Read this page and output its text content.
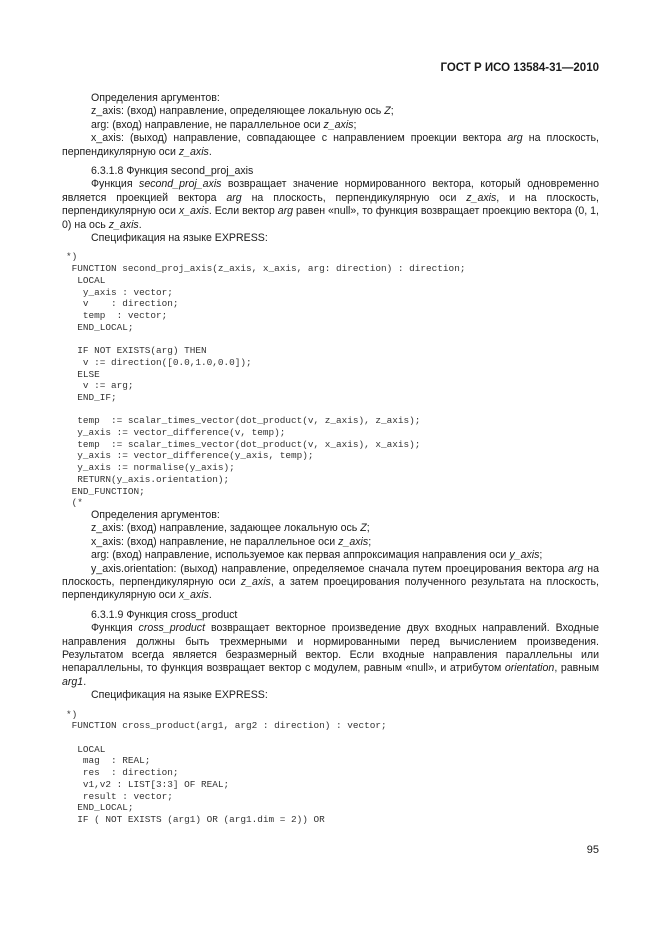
ГОСТ Р ИСО 13584-31—2010

Определения аргументов:

z_axis: (вход) направление, определяющее локальную ось Z;

arg: (вход) направление, не параллельное оси z_axis;

x_axis: (выход) направление, совпадающее с направлением проекции вектора arg на плоскость, перпендикулярную оси z_axis.

6.3.1.8 Функция second_proj_axis

Функция second_proj_axis возвращает значение нормированного вектора, который одновременно является проекцией вектора arg на плоскость, перпендикулярную оси z_axis, и на плоскость, перпендикулярную оси x_axis. Если вектор arg равен «null», то функция возвращает проекцию вектора (0, 1, 0) на ось z_axis.

Спецификация на языке EXPRESS:

*)
FUNCTION second_proj_axis(z_axis, x_axis, arg: direction) : direction;
LOCAL
y_axis : vector;
v    : direction;
temp  : vector;
END_LOCAL;

IF NOT EXISTS(arg) THEN
v := direction([0.0,1.0,0.0]);
ELSE
v := arg;
END_IF;

temp  := scalar_times_vector(dot_product(v, z_axis), z_axis);
y_axis := vector_difference(v, temp);
temp  := scalar_times_vector(dot_product(v, x_axis), x_axis);
y_axis := vector_difference(y_axis, temp);
y_axis := normalise(y_axis);
RETURN(y_axis.orientation);
END_FUNCTION;
(*

Определения аргументов:

z_axis: (вход) направление, задающее локальную ось Z;

x_axis: (вход) направление, не параллельное оси z_axis;

arg: (вход) направление, используемое как первая аппроксимация направления оси y_axis;

y_axis.orientation: (выход) направление, определяемое сначала путем проецирования вектора arg на плоскость, перпендикулярную оси z_axis, а затем проецирования полученного результата на плоскость, перпендикулярную оси x_axis.

6.3.1.9 Функция cross_product

Функция cross_product возвращает векторное произведение двух входных направлений. Входные направления должны быть трехмерными и нормированными перед вычислением произведения. Результатом всегда является безразмерный вектор. Если входные направления параллельны или непараллельны, то функция возвращает вектор с модулем, равным «null», и атрибутом orientation, равным arg1.

Спецификация на языке EXPRESS:

*)
FUNCTION cross_product(arg1, arg2 : direction) : vector;

LOCAL
mag  : REAL;
res  : direction;
v1,v2 : LIST[3:3] OF REAL;
result : vector;
END_LOCAL;
IF ( NOT EXISTS (arg1) OR (arg1.dim = 2)) OR
95
